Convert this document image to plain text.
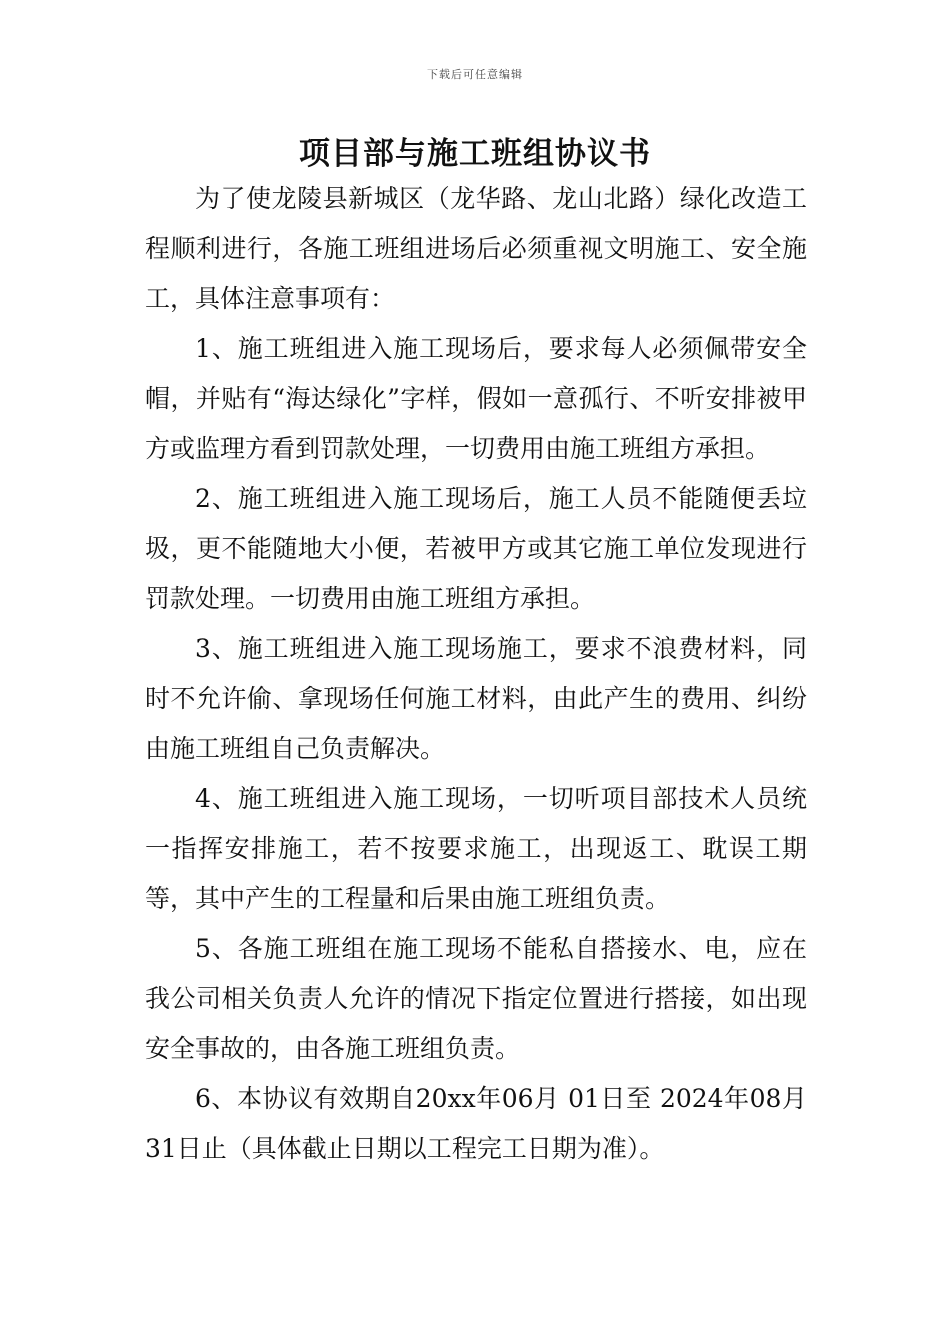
下载后可任意编辑
项目部与施工班组协议书

为了使龙陵县新城区（龙华路、龙山北路）绿化改造工程顺利进行，各施工班组进场后必须重视文明施工、安全施工，具体注意事项有：

1、施工班组进入施工现场后，要求每人必须佩带安全帽，并贴有“海达绿化”字样，假如一意孤行、不听安排被甲方或监理方看到罚款处理，一切费用由施工班组方承担。

2、施工班组进入施工现场后，施工人员不能随便丢垃圾，更不能随地大小便，若被甲方或其它施工单位发现进行罚款处理。一切费用由施工班组方承担。

3、施工班组进入施工现场施工，要求不浪费材料，同时不允许偷、拿现场任何施工材料，由此产生的费用、纠纷由施工班组自己负责解决。

4、施工班组进入施工现场，一切听项目部技术人员统一指挥安排施工，若不按要求施工，出现返工、耽误工期等，其中产生的工程量和后果由施工班组负责。

5、各施工班组在施工现场不能私自搭接水、电，应在我公司相关负责人允许的情况下指定位置进行搭接，如出现安全事故的，由各施工班组负责。

6、本协议有效期自20xx年06月 01日至 2024年08月 31日止（具体截止日期以工程完工日期为准）。
